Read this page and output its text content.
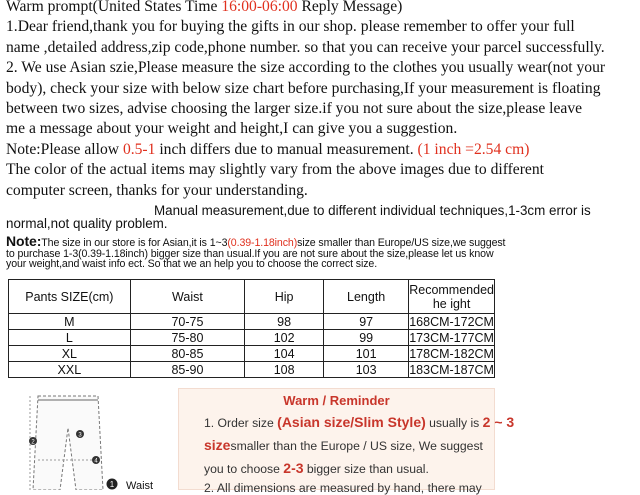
Warm prompt(United States Time 16:00-06:00 Reply Message)

1.Dear friend,thank you for buying the gifts in our shop. please remember to offer your full

name ,detailed address,zip code,phone number. so that you can receive your parcel successfully.

2. We use Asian szie,Please measure the size according to the clothes you usually wear(not your

body), check your size with below size chart before purchasing,If your measurement is floating

between two sizes, advise choosing the larger size.if you not sure about the size,please leave

me a message about your weight and height,I can give you a suggestion.

Note:Please allow 0.5-1 inch differs due to manual measurement. (1 inch =2.54 cm)

The color of the actual items may slightly vary from the above images due to different

computer screen, thanks for your understanding.

Manual measurement,due to different individual techniques,1-3cm error is
normal,not quality problem.
Note:The size in our store is for Asian,it is 1~3(0.39-1.18inch)size smaller than Europe/US size,we suggest
to purchase 1-3(0.39-1.18inch) bigger size than usual.If you are not sure about the size,please let us know
your weight,and waist info ect. So that we an help you to choose the correct size.
Pants SIZE(cm)	Waist	Hip	Length	Recommended he ight
M	70-75	98	97	168CM-172CM
L	75-80	102	99	173CM-177CM
XL	80-85	104	101	178CM-182CM
XXL	85-90	108	103	183CM-187CM
2
3
4
1 Waist
Warm / Reminder
1. Order size (Asian size/Slim Style) usually is 2 ~ 3
sizesmaller than the Europe / US size, We suggest
you to choose 2-3 bigger size than usual.
2. All dimensions are measured by hand, there may
